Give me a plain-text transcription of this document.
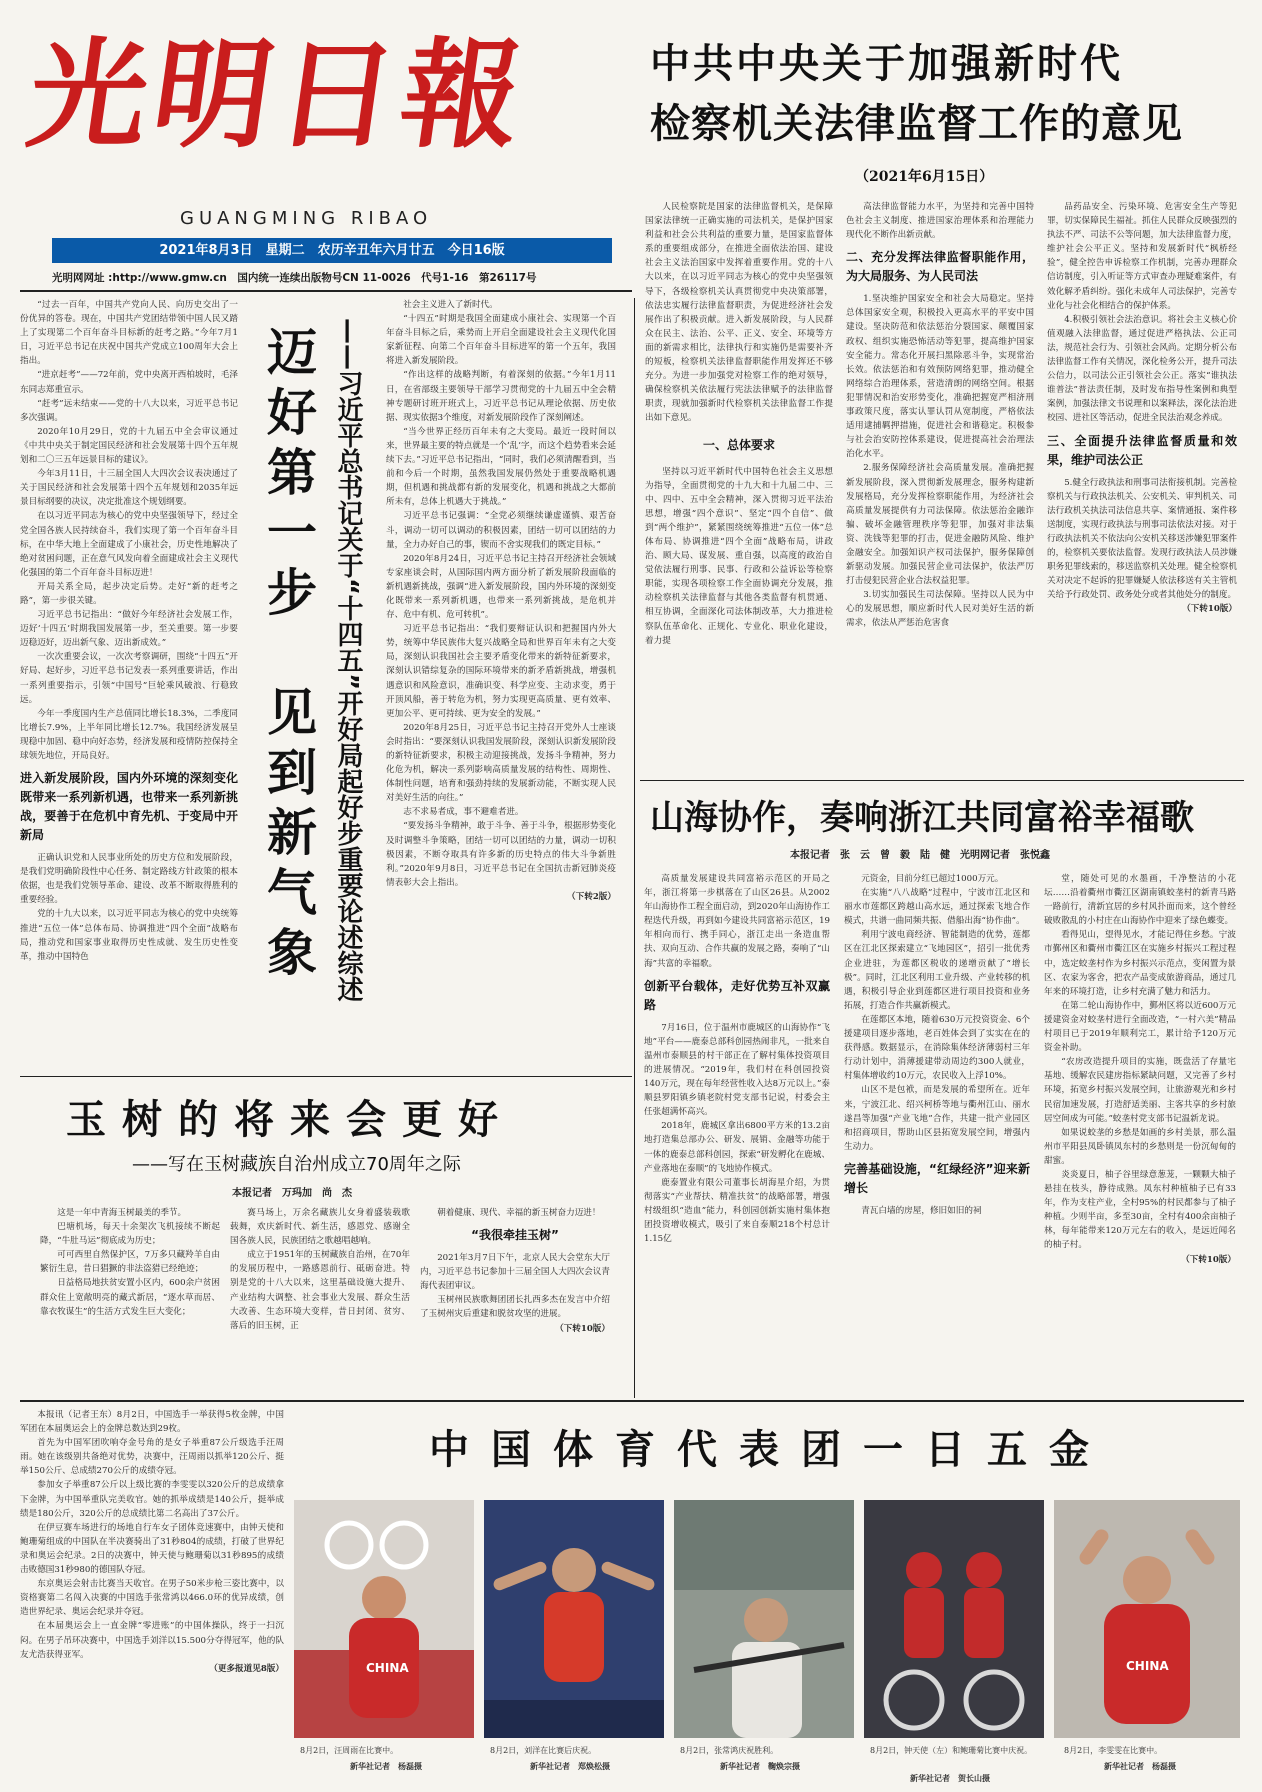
光明日報
GUANGMING RIBAO
2021年8月3日　星期二　农历辛丑年六月廿五　今日16版
光明网网址 :http://www.gmw.cn　国内统一连续出版物号CN 11-0026　代号1-16　第26117号
中共中央关于加强新时代
检察机关法律监督工作的意见
（2021年6月15日）

人民检察院是国家的法律监督机关，是保障国家法律统一正确实施的司法机关，是保护国家利益和社会公共利益的重要力量，是国家监督体系的重要组成部分，在推进全面依法治国、建设社会主义法治国家中发挥着重要作用。党的十八大以来，在以习近平同志为核心的党中央坚强领导下，各级检察机关认真贯彻党中央决策部署，依法忠实履行法律监督职责，为促进经济社会发展作出了积极贡献。进入新发展阶段，与人民群众在民主、法治、公平、正义、安全、环境等方面的新需求相比，法律执行和实施仍是需要补齐的短板，检察机关法律监督职能作用发挥还不够充分。为进一步加强党对检察工作的绝对领导，确保检察机关依法履行宪法法律赋予的法律监督职责，现就加强新时代检察机关法律监督工作提出如下意见。

一、总体要求

坚持以习近平新时代中国特色社会主义思想为指导，全面贯彻党的十九大和十九届二中、三中、四中、五中全会精神，深入贯彻习近平法治思想，增强“四个意识”、坚定“四个自信”、做到“两个维护”，紧紧围绕统筹推进“五位一体”总体布局、协调推进“四个全面”战略布局，讲政治、顾大局、谋发展、重自强，以高度的政治自觉依法履行刑事、民事、行政和公益诉讼等检察职能，实现各项检察工作全面协调充分发展，推动检察机关法律监督与其他各类监督有机贯通、相互协调，全面深化司法体制改革，大力推进检察队伍革命化、正规化、专业化、职业化建设，着力提

高法律监督能力水平，为坚持和完善中国特色社会主义制度、推进国家治理体系和治理能力现代化不断作出新贡献。

二、充分发挥法律监督职能作用，为大局服务、为人民司法

1.坚决维护国家安全和社会大局稳定。坚持总体国家安全观，积极投入更高水平的平安中国建设。坚决防范和依法惩治分裂国家、颠覆国家政权、组织实施恐怖活动等犯罪，提高维护国家安全能力。常态化开展扫黑除恶斗争，实现常治长效。依法惩治和有效预防网络犯罪，推动健全网络综合治理体系，营造清朗的网络空间。根据犯罪情况和治安形势变化，准确把握宽严相济刑事政策尺度，落实认罪认罚从宽制度，严格依法适用逮捕羁押措施，促进社会和谐稳定。积极参与社会治安防控体系建设，促进提高社会治理法治化水平。

2.服务保障经济社会高质量发展。准确把握新发展阶段，深入贯彻新发展理念，服务构建新发展格局，充分发挥检察职能作用，为经济社会高质量发展提供有力司法保障。依法惩治金融诈骗、破坏金融管理秩序等犯罪，加强对非法集资、洗钱等犯罪的打击，促进金融防风险、维护金融安全。加强知识产权司法保护，服务保障创新驱动发展。加强民营企业司法保护，依法严厉打击侵犯民营企业合法权益犯罪。

3.切实加强民生司法保障。坚持以人民为中心的发展思想，顺应新时代人民对美好生活的新需求，依法从严惩治危害食

品药品安全、污染环境、危害安全生产等犯罪，切实保障民生福祉。抓住人民群众反映强烈的执法不严、司法不公等问题，加大法律监督力度，维护社会公平正义。坚持和发展新时代“枫桥经验”，健全控告申诉检察工作机制，完善办理群众信访制度，引入听证等方式审查办理疑难案件，有效化解矛盾纠纷。强化未成年人司法保护，完善专业化与社会化相结合的保护体系。

4.积极引领社会法治意识。将社会主义核心价值观融入法律监督，通过促进严格执法、公正司法，规范社会行为、引领社会风尚。定期分析公布法律监督工作有关情况，深化检务公开，提升司法公信力，以司法公正引领社会公正。落实“谁执法谁普法”普法责任制，及时发布指导性案例和典型案例，加强法律文书说理和以案释法，深化法治进校园、进社区等活动，促进全民法治观念养成。

三、全面提升法律监督质量和效果，维护司法公正

5.健全行政执法和刑事司法衔接机制。完善检察机关与行政执法机关、公安机关、审判机关、司法行政机关执法司法信息共享、案情通报、案件移送制度，实现行政执法与刑事司法依法对接。对于行政执法机关不依法向公安机关移送涉嫌犯罪案件的，检察机关要依法监督。发现行政执法人员涉嫌职务犯罪线索的，移送监察机关处理。健全检察机关对决定不起诉的犯罪嫌疑人依法移送有关主管机关给予行政处罚、政务处分或者其他处分的制度。

（下转10版）

“过去一百年，中国共产党向人民、向历史交出了一份优异的答卷。现在，中国共产党团结带领中国人民又踏上了实现第二个百年奋斗目标新的赶考之路。”今年7月1日，习近平总书记在庆祝中国共产党成立100周年大会上指出。

“进京赶考”——72年前，党中央离开西柏坡时，毛泽东同志郑重宣示。

“赶考”远未结束——党的十八大以来，习近平总书记多次强调。

2020年10月29日，党的十九届五中全会审议通过《中共中央关于制定国民经济和社会发展第十四个五年规划和二〇三五年远景目标的建议》。

今年3月11日，十三届全国人大四次会议表决通过了关于国民经济和社会发展第十四个五年规划和2035年远景目标纲要的决议，决定批准这个规划纲要。

在以习近平同志为核心的党中央坚强领导下，经过全党全国各族人民持续奋斗，我们实现了第一个百年奋斗目标，在中华大地上全面建成了小康社会，历史性地解决了绝对贫困问题，正在意气风发向着全面建成社会主义现代化强国的第二个百年奋斗目标迈进！

开局关系全局，起步决定后势。走好“新的赶考之路”，第一步很关键。

习近平总书记指出：“做好今年经济社会发展工作，迈好‘十四五’时期我国发展第一步，至关重要。第一步要迈稳迈好，迈出新气象、迈出新成效。”

一次次重要会议，一次次考察调研，围绕“十四五”开好局、起好步，习近平总书记发表一系列重要讲话，作出一系列重要指示，引领“中国号”巨轮乘风破浪、行稳致远。

今年一季度国内生产总值同比增长18.3%，二季度同比增长7.9%，上半年同比增长12.7%。我国经济发展呈现稳中加固、稳中向好态势，经济发展和疫情防控保持全球领先地位，开局良好。

进入新发展阶段，国内外环境的深刻变化既带来一系列新机遇，也带来一系列新挑战，要善于在危机中育先机、于变局中开新局

正确认识党和人民事业所处的历史方位和发展阶段，是我们党明确阶段性中心任务、制定路线方针政策的根本依据，也是我们党领导革命、建设、改革不断取得胜利的重要经验。

党的十九大以来，以习近平同志为核心的党中央统筹推进“五位一体”总体布局、协调推进“四个全面”战略布局，推动党和国家事业取得历史性成就、发生历史性变革，推动中国特色	迈好第一步　见到新气象 ——习近平总书记关于“十四五”开好局起好步重要论述综述

社会主义进入了新时代。

“十四五”时期是我国全面建成小康社会、实现第一个百年奋斗目标之后，乘势而上开启全面建设社会主义现代化国家新征程、向第二个百年奋斗目标进军的第一个五年，我国将进入新发展阶段。

“作出这样的战略判断，有着深刻的依据。”今年1月11日，在省部级主要领导干部学习贯彻党的十九届五中全会精神专题研讨班开班式上，习近平总书记从理论依据、历史依据、现实依据3个维度，对新发展阶段作了深刻阐述。

“当今世界正经历百年未有之大变局。最近一段时间以来，世界最主要的特点就是一个‘乱’字，而这个趋势看来会延续下去。”习近平总书记指出，“同时，我们必须清醒看到，当前和今后一个时期，虽然我国发展仍然处于重要战略机遇期，但机遇和挑战都有新的发展变化，机遇和挑战之大都前所未有，总体上机遇大于挑战。”

习近平总书记强调：“全党必须继续谦虚谨慎、艰苦奋斗，调动一切可以调动的积极因素，团结一切可以团结的力量，全力办好自己的事，锲而不舍实现我们的既定目标。”

2020年8月24日，习近平总书记主持召开经济社会领域专家座谈会时，从国际国内两方面分析了新发展阶段面临的新机遇新挑战，强调“进入新发展阶段，国内外环境的深刻变化既带来一系列新机遇，也带来一系列新挑战，是危机并存、危中有机、危可转机”。

习近平总书记指出：“我们要辩证认识和把握国内外大势，统筹中华民族伟大复兴战略全局和世界百年未有之大变局，深刻认识我国社会主要矛盾变化带来的新特征新要求，深刻认识错综复杂的国际环境带来的新矛盾新挑战，增强机遇意识和风险意识，准确识变、科学应变、主动求变，勇于开顶风船，善于转危为机，努力实现更高质量、更有效率、更加公平、更可持续、更为安全的发展。”

2020年8月25日，习近平总书记主持召开党外人士座谈会时指出：“要深刻认识我国发展阶段，深刻认识新发展阶段的新特征新要求，积极主动迎接挑战，发扬斗争精神，努力化危为机，解决一系列影响高质量发展的结构性、周期性、体制性问题，培育和强劲持续的发展新动能，不断实现人民对美好生活的向往。”

志不求易者成，事不避难者进。

“要发扬斗争精神，敢于斗争、善于斗争，根据形势变化及时调整斗争策略，团结一切可以团结的力量，调动一切积极因素，不断夺取具有许多新的历史特点的伟大斗争新胜利。”2020年9月8日，习近平总书记在全国抗击新冠肺炎疫情表彰大会上指出。

（下转2版）
玉树的将来会更好
——写在玉树藏族自治州成立70周年之际
本报记者　万玛加　尚　杰

这是一年中青海玉树最美的季节。

巴塘机场，每天十余架次飞机接续不断起降，“牛肚马运”彻底成为历史；

可可西里自然保护区，7万多只藏羚羊自由繁衍生息，昔日猖獗的非法盗猎已经绝迹；

日益格局地扶贫安置小区内，600余户贫困群众住上宽敞明亮的藏式新居，“逐水草而居、靠衣牧谋生”的生活方式发生巨大变化；

赛马场上，万余名藏族儿女身着盛装载歌载舞，欢庆新时代、新生活，感恩党、感谢全国各族人民，民族团结之歌越唱越响。

成立于1951年的玉树藏族自治州，在70年的发展历程中，一路感恩前行、砥砺奋进。特别是党的十八大以来，这里基础设施大提升、产业结构大调整、社会事业大发展、群众生活大改善、生态环境大变样，昔日封闭、贫穷、落后的旧玉树，正

朝着健康、现代、幸福的新玉树奋力迈进！

“我很牵挂玉树”

2021年3月7日下午，北京人民大会堂东大厅内，习近平总书记参加十三届全国人大四次会议青海代表团审议。

玉树州民族歌舞团团长扎西多杰在发言中介绍了玉树州灾后重建和脱贫攻坚的进展。

（下转10版）
山海协作，奏响浙江共同富裕幸福歌
本报记者　张　云　曾　毅　陆　健　光明网记者　张悦鑫

高质量发展建设共同富裕示范区的开局之年，浙江将第一步棋落在了山区26县。从2002年山海协作工程全面启动，到2020年山海协作工程迭代升级，再到如今建设共同富裕示范区，19年相向而行、携手同心，浙江走出一条造血帮扶、双向互动、合作共赢的发展之路，奏响了“山海”共富的幸福歌。

创新平台载体，走好优势互补双赢路

7月16日，位于温州市鹿城区的山海协作“飞地”平台——鹿泰总部科创园热闹非凡，一批来自温州市泰顺县的村干部正在了解村集体投资项目的进展情况。“2019年，我们村在科创园投资140万元，现在每年经营性收入达8万元以上。”泰顺县罗阳镇乡镇老院村党支部书记说，村委会主任张超满怀高兴。

2018年，鹿城区拿出6800平方米的13.2亩地打造集总部办公、研发、展销、金融等功能于一体的鹿泰总部科创园，探索“研发孵化在鹿城、产业落地在泰顺”的飞地协作模式。

鹿泰置业有限公司董事长胡海星介绍，为贯彻落实“产业帮扶、精准扶贫”的战略部署，增强村级组织“造血”能力，科创园创新实施村集体抱团投资增收模式，吸引了来自泰顺218个村总计1.15亿

元资金，目前分红已超过1000万元。

在实施“八八战略”过程中，宁波市江北区和丽水市莲都区跨越山高水远，通过探索飞地合作模式，共谱一曲同频共振、借船出海“协作曲”。

利用宁波电商经济、智能制造的优势，莲都区在江北区探索建立“飞地园区”，招引一批优秀企业进驻，为莲都区税收的递增贡献了“增长极”。同时，江北区利用工业升级、产业转移的机遇，积极引导企业到莲都区进行项目投资和业务拓展，打造合作共赢新模式。

在莲都区本地，随着630万元投资资金、6个援建项目逐步落地，老百姓体会到了实实在在的获得感。数据显示，在消除集体经济薄弱村三年行动计划中，消薄援建带动周边约300人就业，村集体增收约10万元，农民收入上浮10%。

山区不是包袱，而是发展的希望所在。近年来，宁波江北、绍兴柯桥等地与衢州江山、丽水遂昌等加强“产业飞地”合作，共建一批产业园区和招商项目，帮助山区县拓宽发展空间，增强内生动力。

完善基础设施，“红绿经济”迎来新增长

青瓦白墙的房屋，修旧如旧的祠

堂，随处可见的水墨画，千净整洁的小花坛……沿着衢州市衢江区湖南镇蛟垄村的新青马路一路前行，清新宜居的乡村风扑面而来，这个曾经破败散乱的小村庄在山海协作中迎来了绿色蝶变。

看得见山，望得见水，才能记得住乡愁。宁波市鄞州区和衢州市衢江区在实施乡村振兴工程过程中，选定蛟垄村作为乡村振兴示范点，变闲置为景区、农家为客舍，把农产品变成旅游商品，通过几年来的环境打造，让乡村充满了魅力和活力。

在第二轮山海协作中，鄞州区将以近600万元援建资金对蛟垄村进行全面改造，“一村六美”精品村项目已于2019年顺利完工，累计给予120万元资金补助。

“农房改造提升项目的实施，既盘活了存量宅基地、缓解农民建房指标紧缺问题，又完善了乡村环境，拓宽乡村振兴发展空间，让旅游观光和乡村民宿加速发展，打造舒适美丽、主客共享的乡村旅居空间成为可能。”蛟垄村党支部书记温新龙说。

如果说蛟垄的乡愁是如画的乡村美景，那么温州市平阳县凤卧镇凤东村的乡愁则是一份沉甸甸的甜蜜。

炎炎夏日，柚子谷里绿意葱茏，一颗颗大柚子悬挂在枝头，静待成熟。凤东村种植柚子已有33年，作为支柱产业，全村95%的村民都参与了柚子种植。少则半亩，多至30亩，全村有400余亩柚子林，每年能带来120万元左右的收入，是远近闻名的柚子村。

（下转10版）

本报讯（记者王东）8月2日，中国选手一举获得5枚金牌，中国军团在本届奥运会上的金牌总数达到29枚。

首先为中国军团吹响夺金号角的是女子举重87公斤级选手汪周雨。她在该级别共备绝对优势，决赛中，汪周雨以抓举120公斤、挺举150公斤、总成绩270公斤的成绩夺冠。

参加女子举重87公斤以上级比赛的李雯雯以320公斤的总成绩拿下金牌，为中国举重队完美收官。她的抓举成绩是140公斤，挺举成绩是180公斤，320公斤的总成绩比第二名高出了37公斤。

在伊豆赛车场进行的场地自行车女子团体竞速赛中，由钟天使和鲍珊菊组成的中国队在半决赛骑出了31秒804的成绩，打破了世界纪录和奥运会纪录。2日的决赛中，钟天使与鲍珊菊以31秒895的成绩击败德国31秒980的德国队夺冠。

东京奥运会射击比赛当天收官。在男子50米步枪三姿比赛中，以资格赛第二名闯入决赛的中国选手张常鸿以466.0环的优异成绩，创造世界纪录、奥运会纪录并夺冠。

在本届奥运会上一直金牌“零进账”的中国体操队，终于一扫沉闷。在男子吊环决赛中，中国选手刘洋以15.500分夺得冠军，他的队友尤浩获得亚军。

（更多报道见8版）
中国体育代表团一日五金
CHINA	CHINA
8月2日，汪周雨在比赛中。
新华社记者　杨磊摄
8月2日，刘洋在比赛后庆祝。
新华社记者　郑焕松摄
8月2日，张常鸿庆祝胜利。
新华社记者　鞠焕宗摄
8月2日，钟天使（左）和鲍珊菊比赛中庆祝。
新华社记者　贺长山摄
8月2日，李雯雯在比赛中。
新华社记者　杨磊摄
